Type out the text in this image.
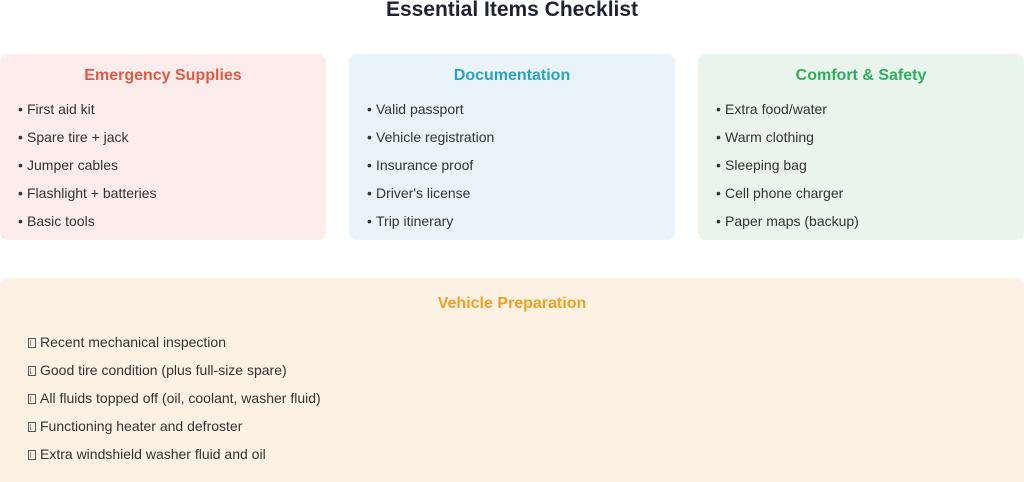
Essential Items Checklist
Emergency Supplies
• First aid kit
• Spare tire + jack
• Jumper cables
• Flashlight + batteries
• Basic tools
Documentation
• Valid passport
• Vehicle registration
• Insurance proof
• Driver's license
• Trip itinerary
Comfort & Safety
• Extra food/water
• Warm clothing
• Sleeping bag
• Cell phone charger
• Paper maps (backup)
Vehicle Preparation
Recent mechanical inspection
Good tire condition (plus full-size spare)
All fluids topped off (oil, coolant, washer fluid)
Functioning heater and defroster
Extra windshield washer fluid and oil
